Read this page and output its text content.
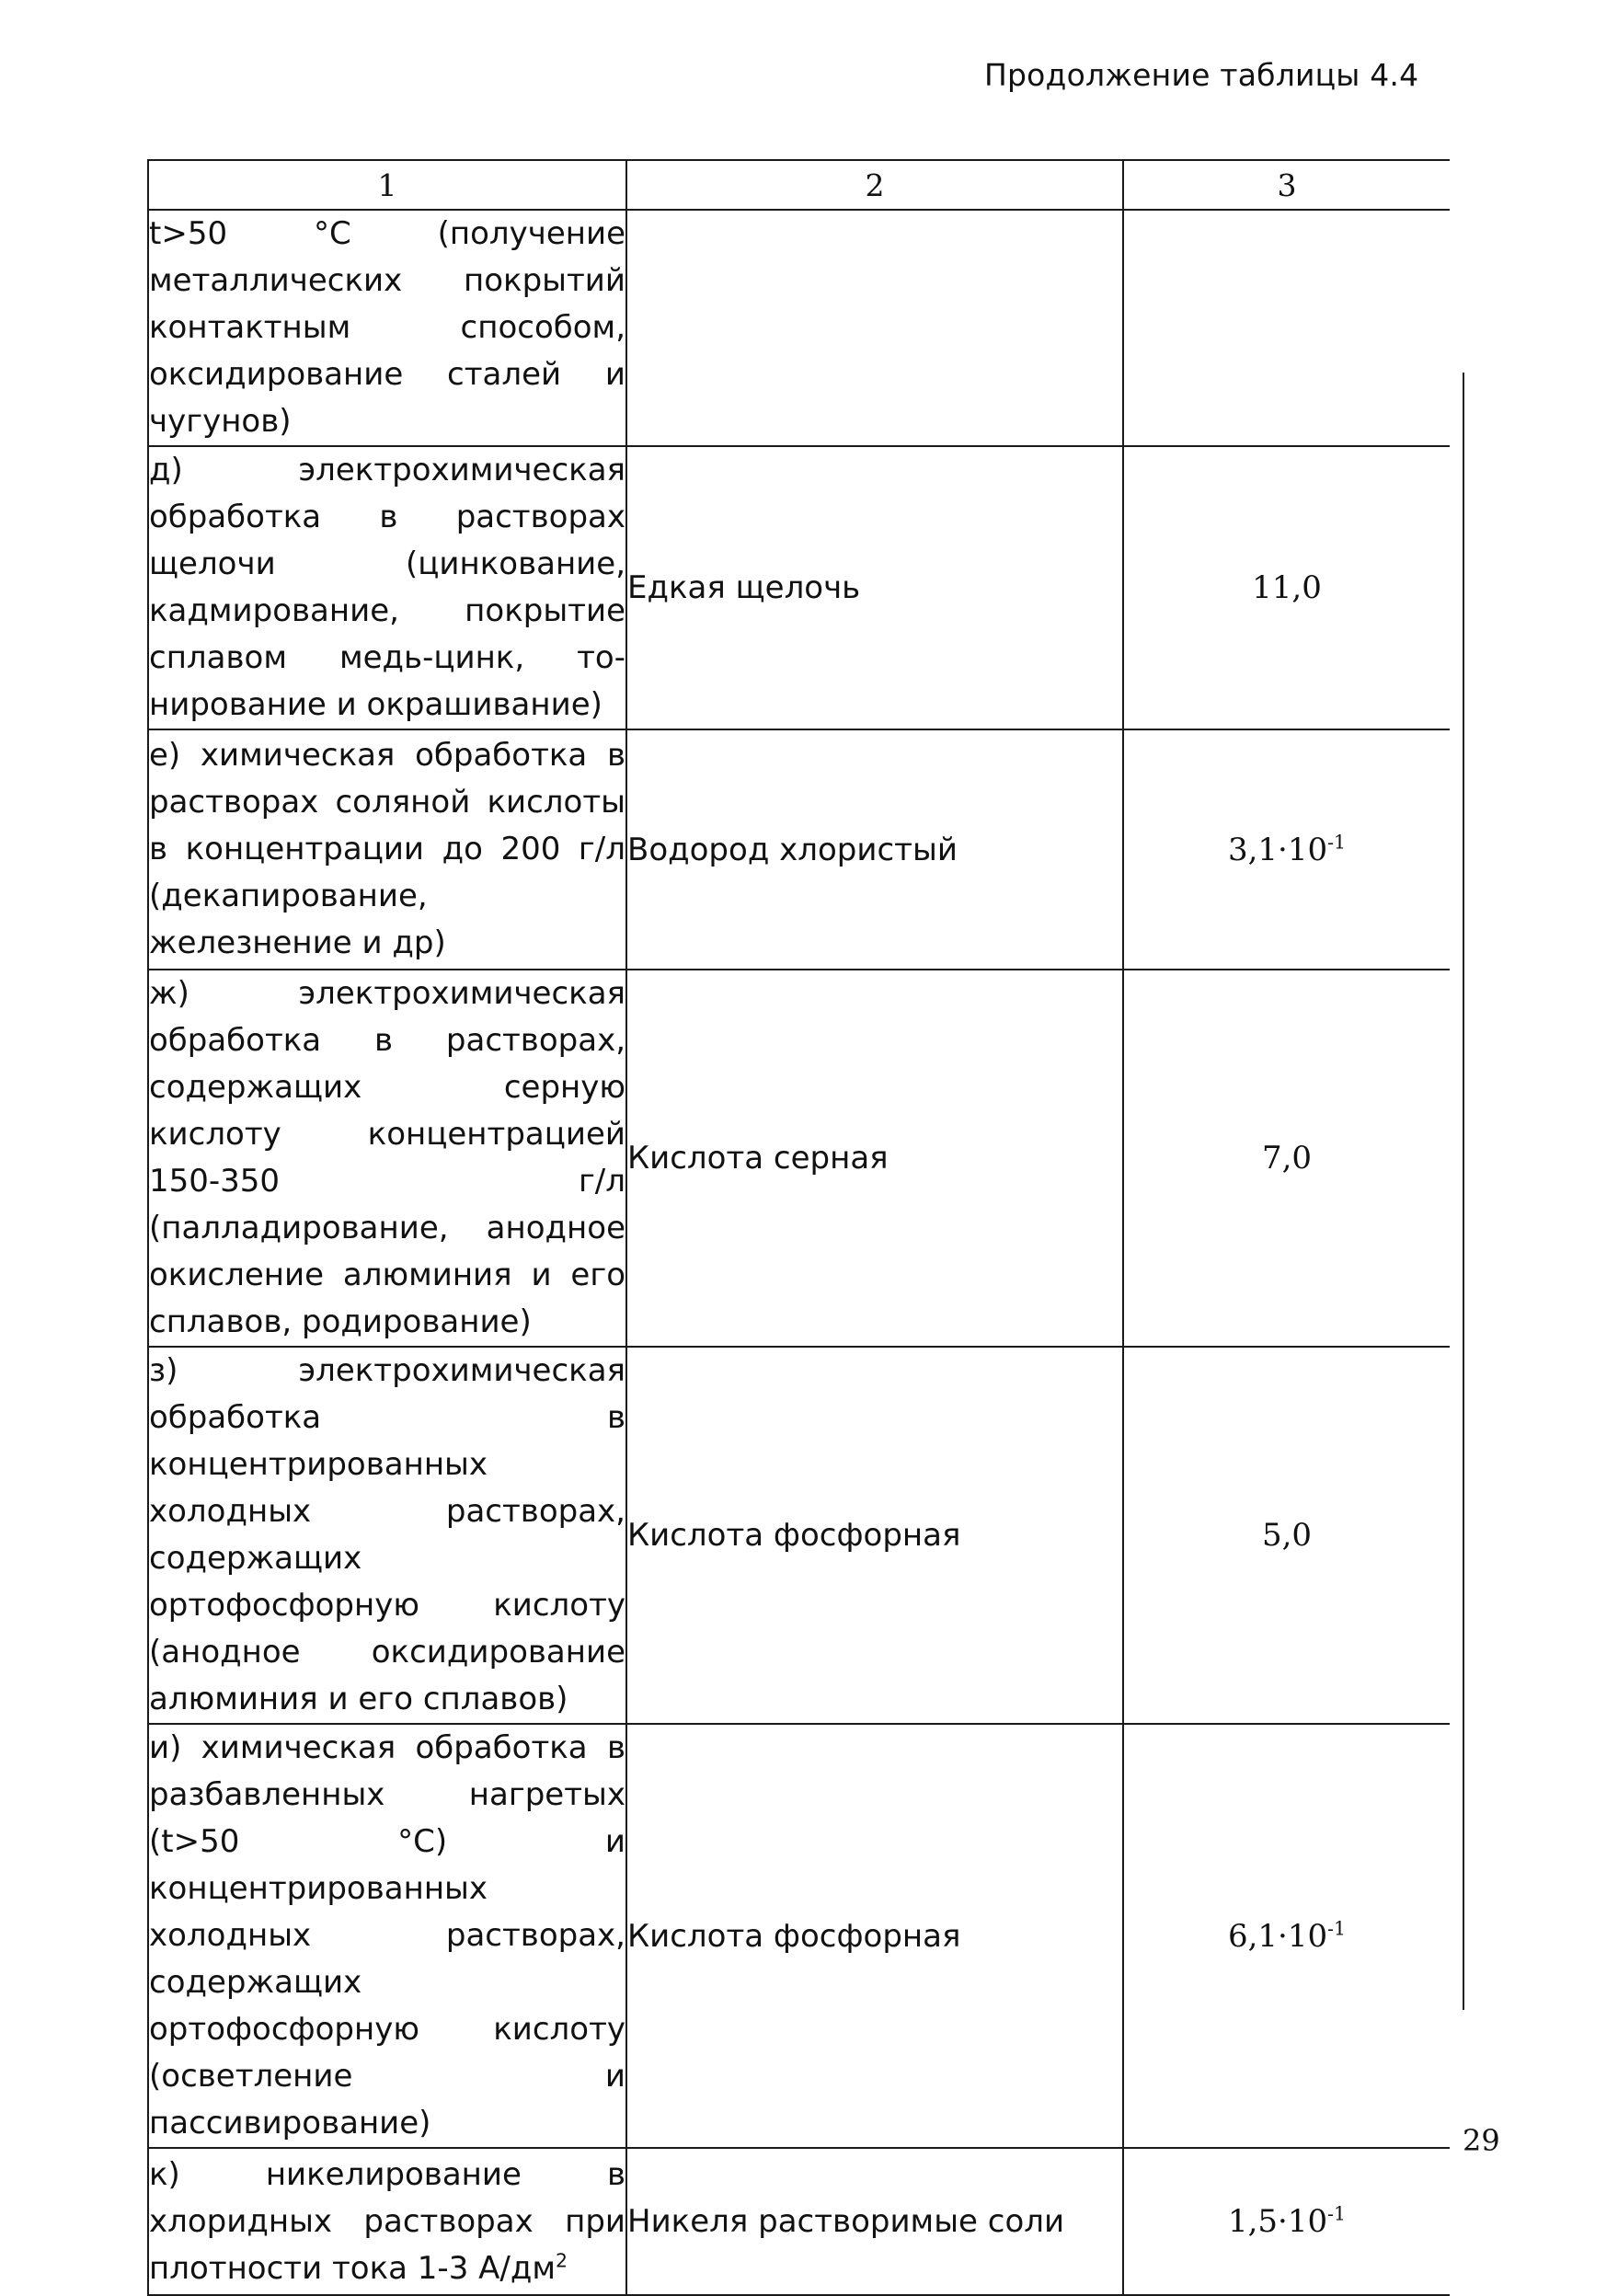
Продолжение таблицы 4.4
1	2	3
t>50 °С (получение металлических покрытий контактным способом, оксидирование сталей и чугунов)		
д) электрохимическая обработка в растворах щелочи (цинкование, кадмирование, покрытие сплавом медь-цинк, то-нирование и окрашивание)	Едкая щелочь	11,0
е) химическая обработка в растворах соляной кислоты в концентрации до 200 г/л (декапирование, железнение и др)	Водород хлористый	$3,1\cdot 10^{-1}$
ж) электрохимическая обработка в растворах, содержащих серную кислоту концентрацией 150-350 г/л (палладирование, анодное окисление алюминия и его сплавов, родирование)	Кислота серная	7,0
з) электрохимическая обработка в концентрированных холодных растворах, содержащих ортофосфорную кислоту (анодное оксидирование алюминия и его сплавов)	Кислота фосфорная	5,0
и) химическая обработка в разбавленных нагретых (t>50 °С) и концентрированных холодных растворах, содержащих ортофосфорную кислоту (осветление и пассивирование)	Кислота фосфорная	$6,1\cdot 10^{-1}$
к) никелирование в хлоридных растворах при плотности тока 1-3 $А/дм^2$	Никеля растворимые соли	$1,5\cdot 10^{-1}$
29
